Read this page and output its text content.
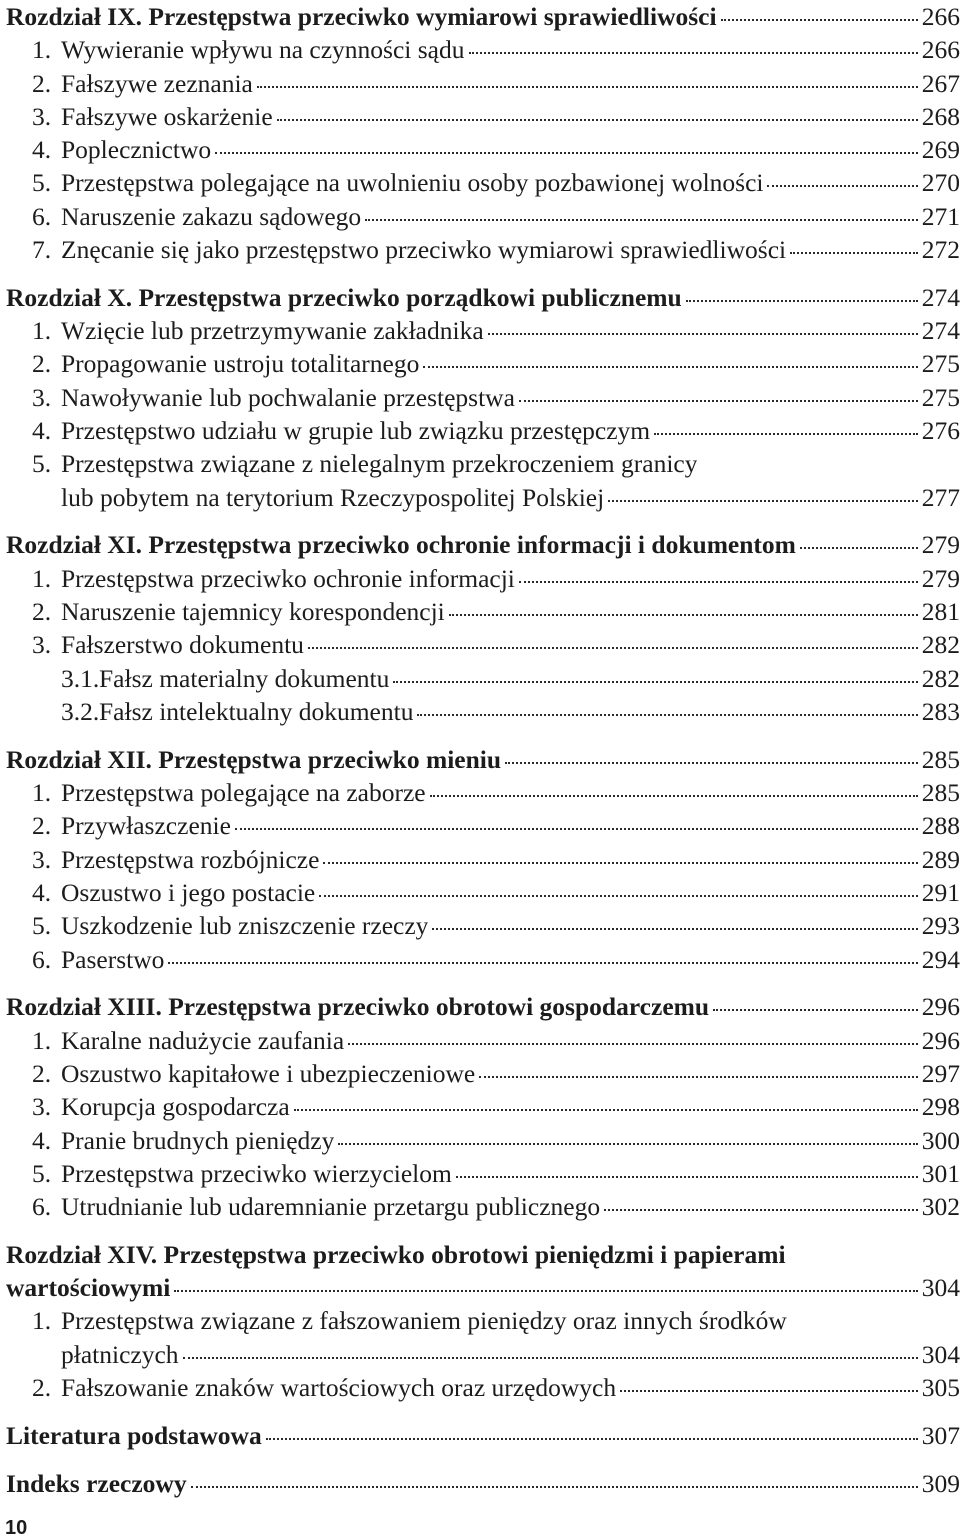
Rozdział IX. Przestępstwa przeciwko wymiarowi sprawiedliwości	266
1. Wywieranie wpływu na czynności sądu	266
2. Fałszywe zeznania	267
3. Fałszywe oskarżenie	268
4. Poplecznictwo	269
5. Przestępstwa polegające na uwolnieniu osoby pozbawionej wolności	270
6. Naruszenie zakazu sądowego	271
7. Znęcanie się jako przestępstwo przeciwko wymiarowi sprawiedliwości	272
Rozdział X. Przestępstwa przeciwko porządkowi publicznemu	274
1. Wzięcie lub przetrzymywanie zakładnika	274
2. Propagowanie ustroju totalitarnego	275
3. Nawoływanie lub pochwalanie przestępstwa	275
4. Przestępstwo udziału w grupie lub związku przestępczym	276
5. Przestępstwa związane z nielegalnym przekroczeniem granicy
lub pobytem na terytorium Rzeczypospolitej Polskiej	277
Rozdział XI. Przestępstwa przeciwko ochronie informacji i dokumentom	279
1. Przestępstwa przeciwko ochronie informacji	279
2. Naruszenie tajemnicy korespondencji	281
3. Fałszerstwo dokumentu	282
3.1. Fałsz materialny dokumentu	282
3.2. Fałsz intelektualny dokumentu	283
Rozdział XII. Przestępstwa przeciwko mieniu	285
1. Przestępstwa polegające na zaborze	285
2. Przywłaszczenie	288
3. Przestępstwa rozbójnicze	289
4. Oszustwo i jego postacie	291
5. Uszkodzenie lub zniszczenie rzeczy	293
6. Paserstwo	294
Rozdział XIII. Przestępstwa przeciwko obrotowi gospodarczemu	296
1. Karalne nadużycie zaufania	296
2. Oszustwo kapitałowe i ubezpieczeniowe	297
3. Korupcja gospodarcza	298
4. Pranie brudnych pieniędzy	300
5. Przestępstwa przeciwko wierzycielom	301
6. Utrudnianie lub udaremnianie przetargu publicznego	302
Rozdział XIV. Przestępstwa przeciwko obrotowi pieniędzmi i papierami
wartościowymi	304
1. Przestępstwa związane z fałszowaniem pieniędzy oraz innych środków
płatniczych	304
2. Fałszowanie znaków wartościowych oraz urzędowych	305
Literatura podstawowa	307
Indeks rzeczowy	309
10
